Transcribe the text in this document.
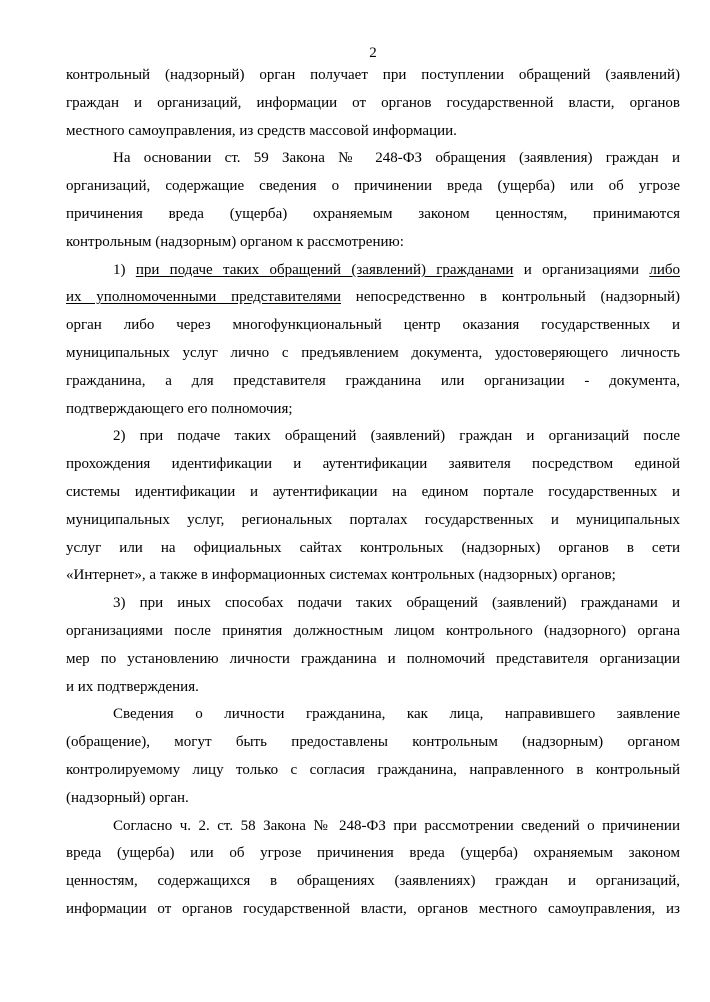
2
контрольный (надзорный) орган получает при поступлении обращений (заявлений)
граждан и организаций, информации от органов государственной власти, органов
местного самоуправления, из средств массовой информации.
На основании ст. 59 Закона № 248-ФЗ обращения (заявления) граждан и
организаций, содержащие сведения о причинении вреда (ущерба) или об угрозе
причинения вреда (ущерба) охраняемым законом ценностям, принимаются
контрольным (надзорным) органом к рассмотрению:
1) при подаче таких обращений (заявлений) гражданами и организациями либо
их уполномоченными представителями непосредственно в контрольный (надзорный)
орган либо через многофункциональный центр оказания государственных и
муниципальных услуг лично с предъявлением документа, удостоверяющего личность
гражданина, а для представителя гражданина или организации - документа,
подтверждающего его полномочия;
2) при подаче таких обращений (заявлений) граждан и организаций после
прохождения идентификации и аутентификации заявителя посредством единой
системы идентификации и аутентификации на едином портале государственных и
муниципальных услуг, региональных порталах государственных и муниципальных
услуг или на официальных сайтах контрольных (надзорных) органов в сети
«Интернет», а также в информационных системах контрольных (надзорных) органов;
3) при иных способах подачи таких обращений (заявлений) гражданами и
организациями после принятия должностным лицом контрольного (надзорного) органа
мер по установлению личности гражданина и полномочий представителя организации
и их подтверждения.
Сведения о личности гражданина, как лица, направившего заявление
(обращение), могут быть предоставлены контрольным (надзорным) органом
контролируемому лицу только с согласия гражданина, направленного в контрольный
(надзорный) орган.
Согласно ч. 2. ст. 58 Закона № 248-ФЗ при рассмотрении сведений о причинении
вреда (ущерба) или об угрозе причинения вреда (ущерба) охраняемым законом
ценностям, содержащихся в обращениях (заявлениях) граждан и организаций,
информации от органов государственной власти, органов местного самоуправления, из
